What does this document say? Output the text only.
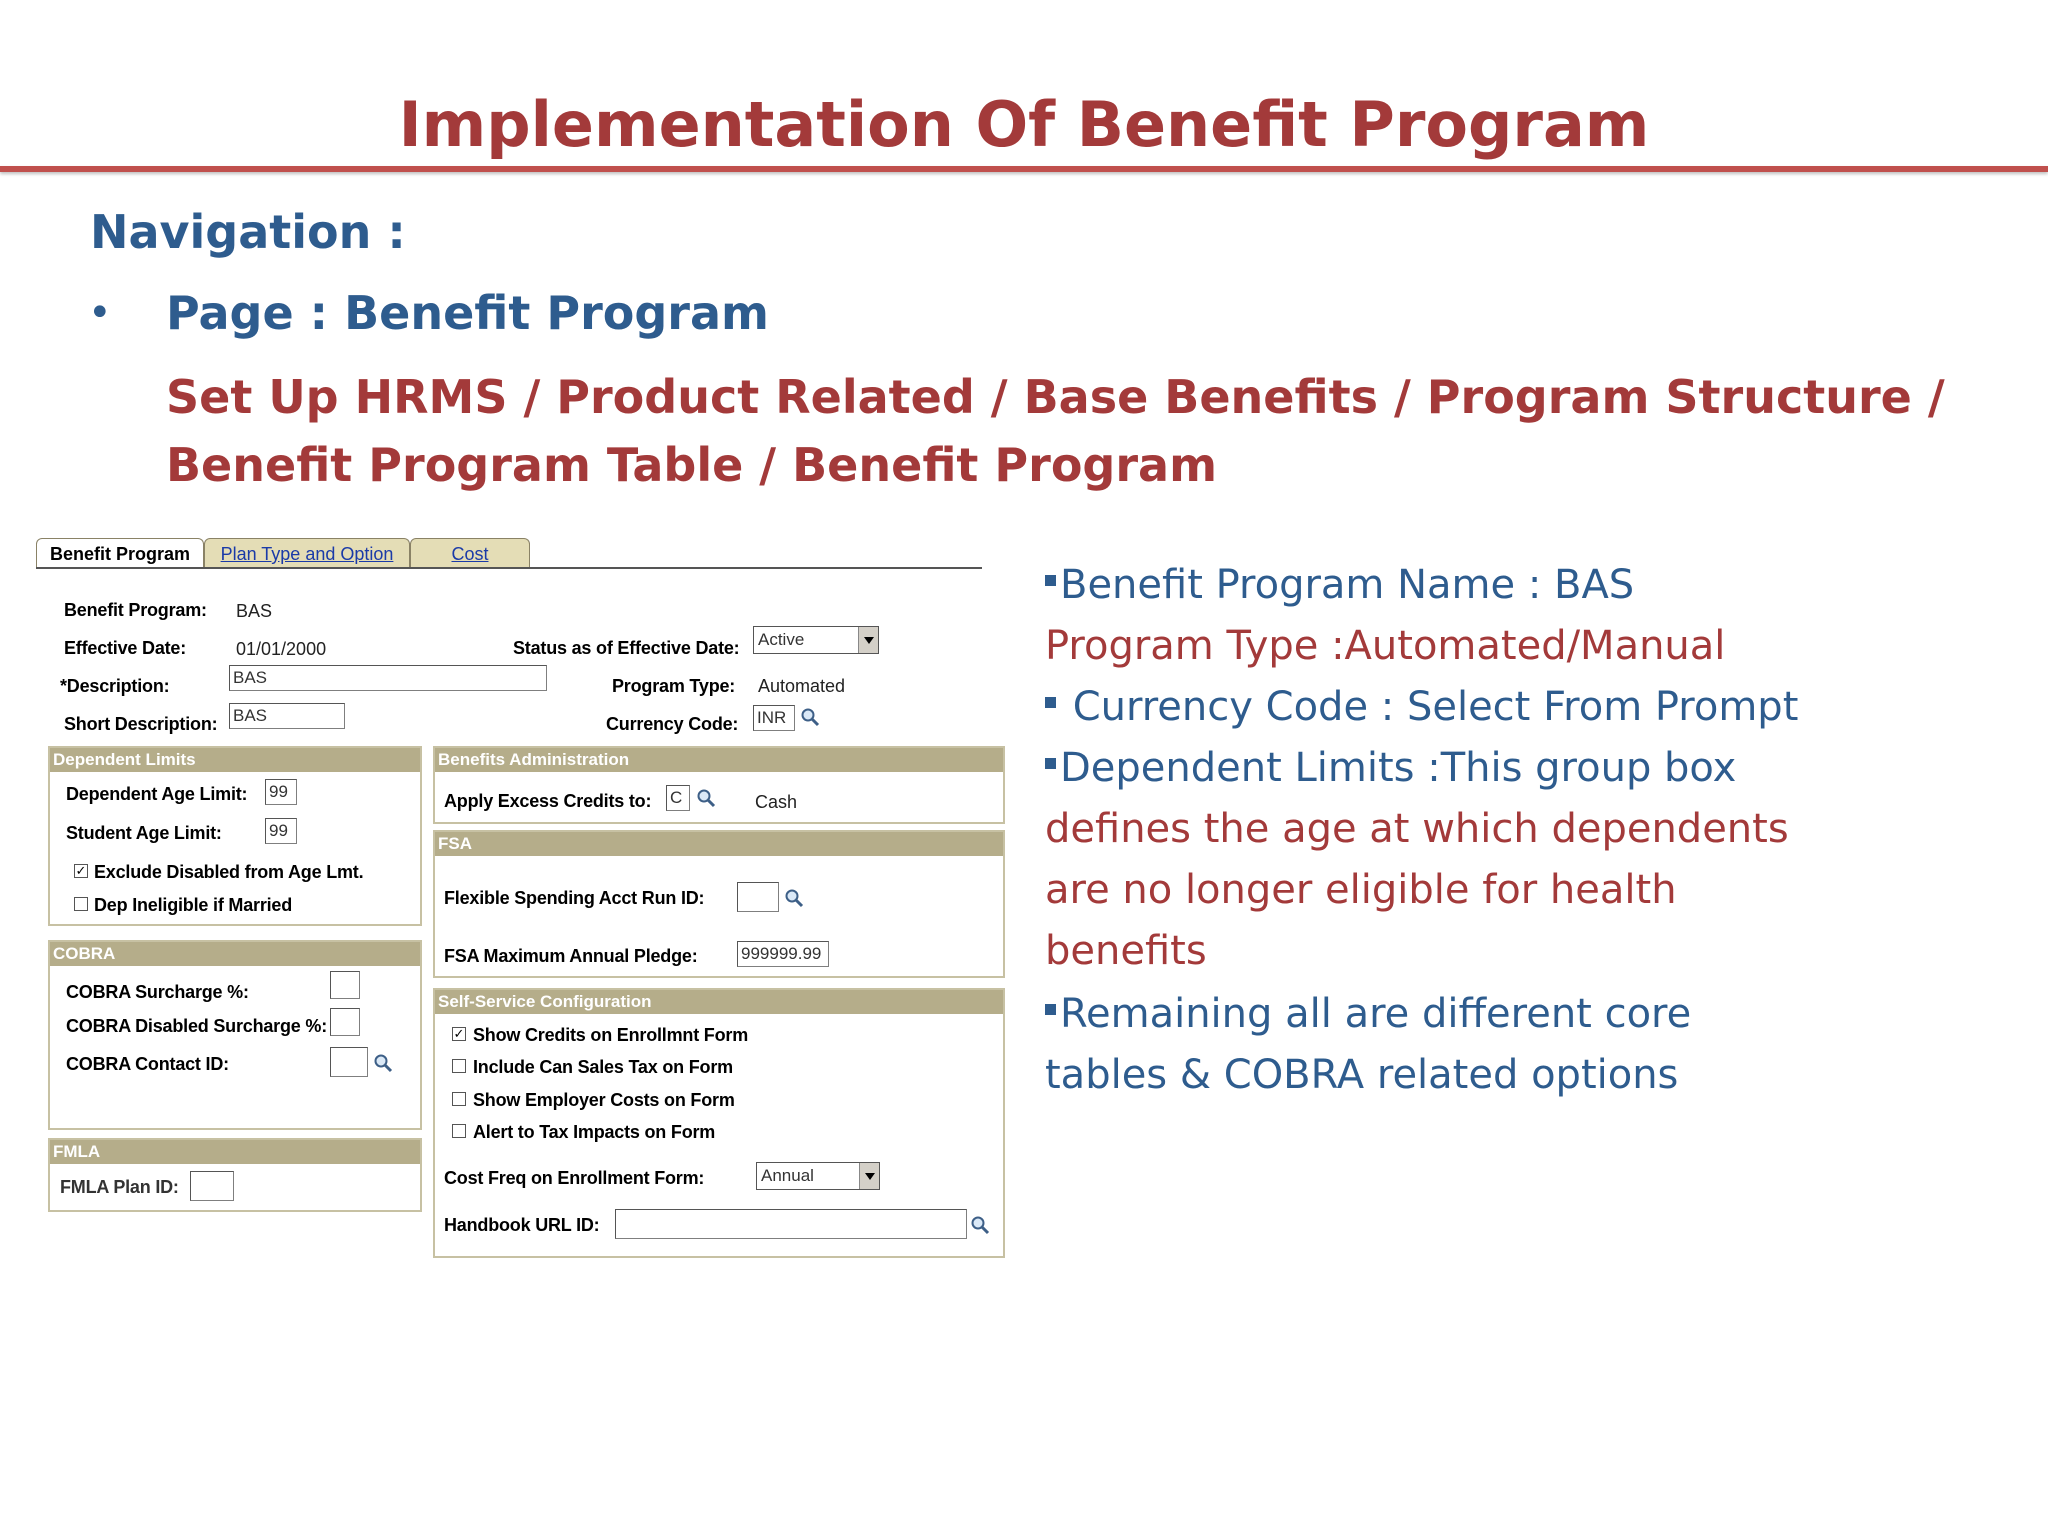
Implementation Of Benefit Program
Navigation :
• Page : Benefit Program
Set Up HRMS / Product Related / Base Benefits / Program Structure /
Benefit Program Table / Benefit Program
Benefit Program Name : BAS
Program Type :Automated/Manual
Currency Code : Select From Prompt
Dependent Limits :This group box
defines the age at which dependents
are no longer eligible for health
benefits
Remaining all are different core
tables & COBRA related options
Benefit Program	Plan Type and Option	Cost
Benefit Program: BAS
Effective Date:	01/01/2000
*Description:	BAS
Short Description: BAS
Status as of Effective Date: Active
Program Type: Automated
Currency Code: INR
Dependent Limits
Dependent Age Limit: 99
Student Age Limit:	99
✓ Exclude Disabled from Age Lmt.
Dep Ineligible if Married
COBRA
COBRA Surcharge %:
COBRA Disabled Surcharge %:
COBRA Contact ID:
FMLA
FMLA Plan ID:
Benefits Administration
Apply Excess Credits to: C	Cash
FSA
Flexible Spending Acct Run ID:
FSA Maximum Annual Pledge:	999999.99
Self-Service Configuration
✓ Show Credits on Enrollmnt Form
Include Can Sales Tax on Form
Show Employer Costs on Form
Alert to Tax Impacts on Form
Cost Freq on Enrollment Form:	Annual
Handbook URL ID:
